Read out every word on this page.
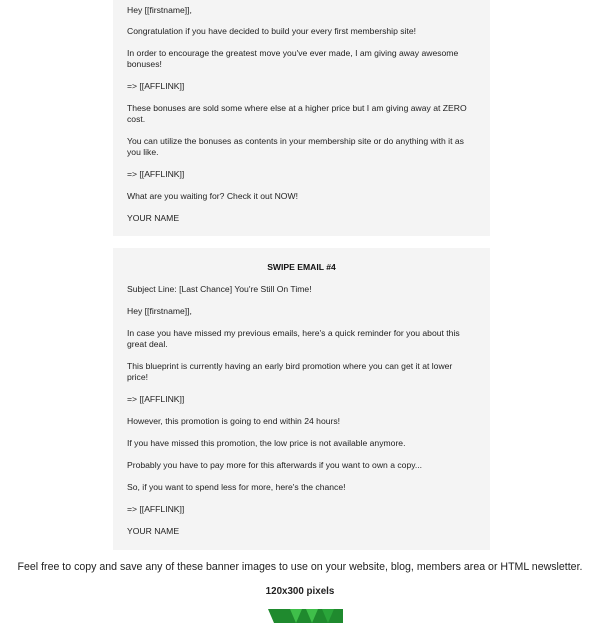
Hey [[firstname]],

Congratulation if you have decided to build your every first membership site!

In order to encourage the greatest move you've ever made, I am giving away awesome bonuses!

=> [[AFFLINK]]

These bonuses are sold some where else at a higher price but I am giving away at ZERO cost.

You can utilize the bonuses as contents in your membership site or do anything with it as you like.

=> [[AFFLINK]]

What are you waiting for? Check it out NOW!

YOUR NAME

SWIPE EMAIL #4

Subject Line: [Last Chance] You're Still On Time!

Hey [[firstname]],

In case you have missed my previous emails, here's a quick reminder for you about this great deal.

This blueprint is currently having an early bird promotion where you can get it at lower price!

=> [[AFFLINK]]

However, this promotion is going to end within 24 hours!

If you have missed this promotion, the low price is not available anymore.

Probably you have to pay more for this afterwards if you want to own a copy...

So, if you want to spend less for more, here's the chance!

=> [[AFFLINK]]

YOUR NAME

Feel free to copy and save any of these banner images to use on your website, blog, members area or HTML newsletter.

120x300 pixels
